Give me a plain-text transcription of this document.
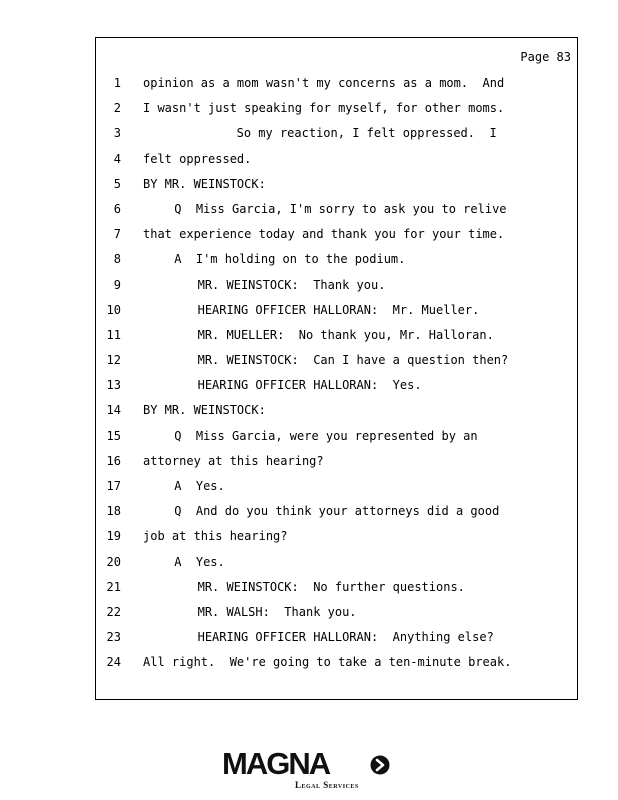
Page 83
1 opinion as a mom wasn't my concerns as a mom.  And
2 I wasn't just speaking for myself, for other moms.
3	So my reaction, I felt oppressed.  I
4 felt oppressed.
5 BY MR. WEINSTOCK:
6	Q  Miss Garcia, I'm sorry to ask you to relive
7 that experience today and thank you for your time.
8	A  I'm holding on to the podium.
9	MR. WEINSTOCK:  Thank you.
10	HEARING OFFICER HALLORAN:  Mr. Mueller.
11	MR. MUELLER:  No thank you, Mr. Halloran.
12	MR. WEINSTOCK:  Can I have a question then?
13	HEARING OFFICER HALLORAN:  Yes.
14 BY MR. WEINSTOCK:
15	Q  Miss Garcia, were you represented by an
16 attorney at this hearing?
17	A  Yes.
18	Q  And do you think your attorneys did a good
19 job at this hearing?
20	A  Yes.
21	MR. WEINSTOCK:  No further questions.
22	MR. WALSH:  Thank you.
23	HEARING OFFICER HALLORAN:  Anything else?
24 All right.  We're going to take a ten-minute break.
MAGNA
Legal Services
